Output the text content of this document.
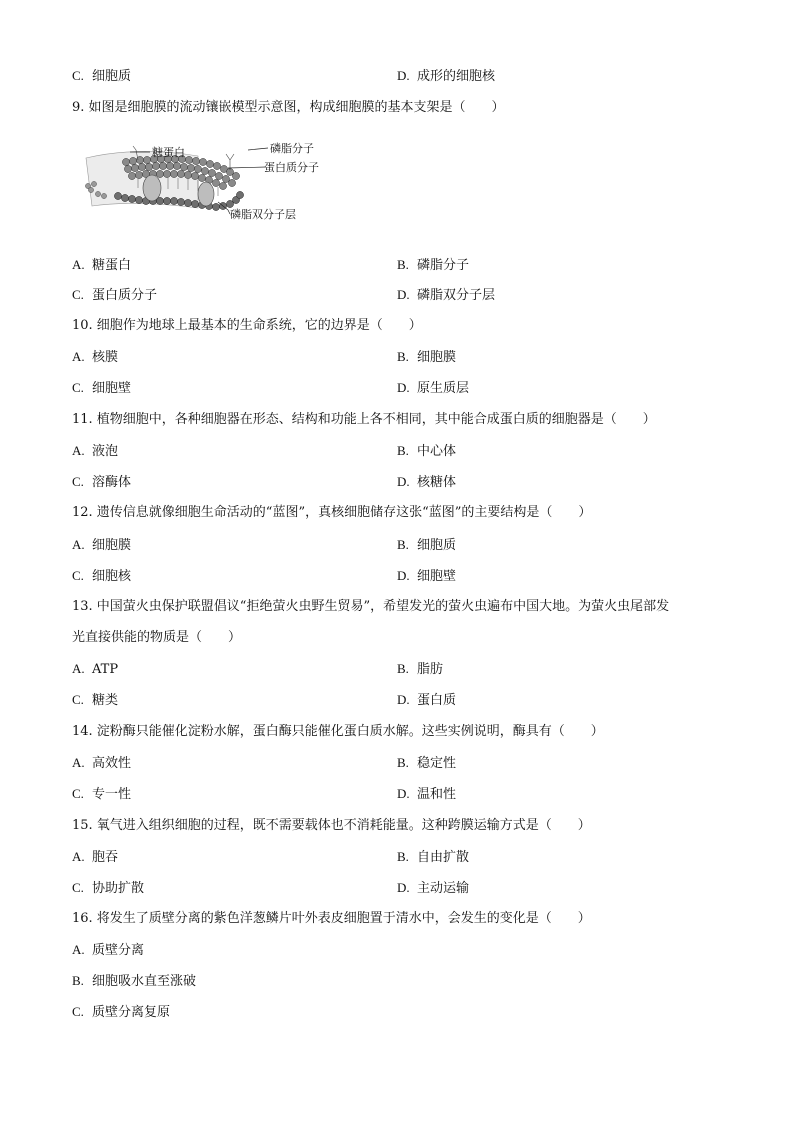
C. 细胞质	D. 成形的细胞核
9. 如图是细胞膜的流动镶嵌模型示意图，构成细胞膜的基本支架是（　　）
糖蛋白	磷脂分子
蛋白质分子
磷脂双分子层
A. 糖蛋白	B. 磷脂分子
C. 蛋白质分子	D. 磷脂双分子层
10. 细胞作为地球上最基本的生命系统，它的边界是（　　）
A. 核膜	B. 细胞膜
C. 细胞壁	D. 原生质层
11. 植物细胞中，各种细胞器在形态、结构和功能上各不相同，其中能合成蛋白质的细胞器是（　　）
A. 液泡	B. 中心体
C. 溶酶体	D. 核糖体
12. 遗传信息就像细胞生命活动的“蓝图”，真核细胞储存这张“蓝图”的主要结构是（　　）
A. 细胞膜	B. 细胞质
C. 细胞核	D. 细胞壁
13. 中国萤火虫保护联盟倡议“拒绝萤火虫野生贸易”，希望发光的萤火虫遍布中国大地。为萤火虫尾部发
光直接供能的物质是（　　）
A. ATP	B. 脂肪
C. 糖类	D. 蛋白质
14. 淀粉酶只能催化淀粉水解，蛋白酶只能催化蛋白质水解。这些实例说明，酶具有（　　）
A. 高效性	B. 稳定性
C. 专一性	D. 温和性
15. 氧气进入组织细胞的过程，既不需要载体也不消耗能量。这种跨膜运输方式是（　　）
A. 胞吞	B. 自由扩散
C. 协助扩散	D. 主动运输
16. 将发生了质壁分离的紫色洋葱鳞片叶外表皮细胞置于清水中，会发生的变化是（　　）
A. 质壁分离
B. 细胞吸水直至涨破
C. 质壁分离复原
